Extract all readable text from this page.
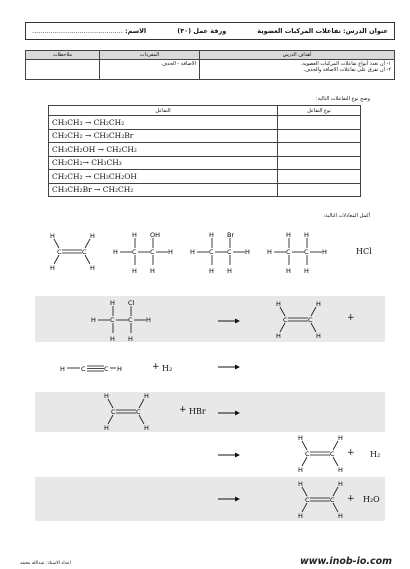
عنوان الدرس: تفاعلات المركبات العضوية
ورقة عمل (٣٠)
الاسم: ............................................
أهداف الدرس	المفردات	ملاحظات

١- أن تعدد أنواع تفاعلات المركبات العضوية.
٢- أن تفرق على تفاعلات الاضافة والحذف.	الاضافة - الحذف	
وضح نوع التفاعلات التالية:
التفاعل	نوع التفاعل
CH₃CH₃ → CH₂CH₂	
CH₂CH₂ → CH₃CH₂Br	
CH₃CH₂OH → CH₂CH₂	
CH₂CH₂→ CH₃CH₃	
CH₂CH₂ → CH₃CH₂OH	
CH₃CH₂Br → CH₂CH₂	
أكمل المعادلات التالية:
C	C
H
H
H
H
H C C H
H OH
H H
H C C H
H Br
H H
H C C H
H H
H H
HCl
H C C H
H Cl
H H
C	C
H
H
H
H
+
H C	C H	+ H₂
C	C
H
H
H
H
+ HBr →
C	C
H
H
H
H
+ H₂
C	C
H
H
H
H
+ H₂O
اعداد الاستاذ: عبدالله محمد	www.inob-io.com
